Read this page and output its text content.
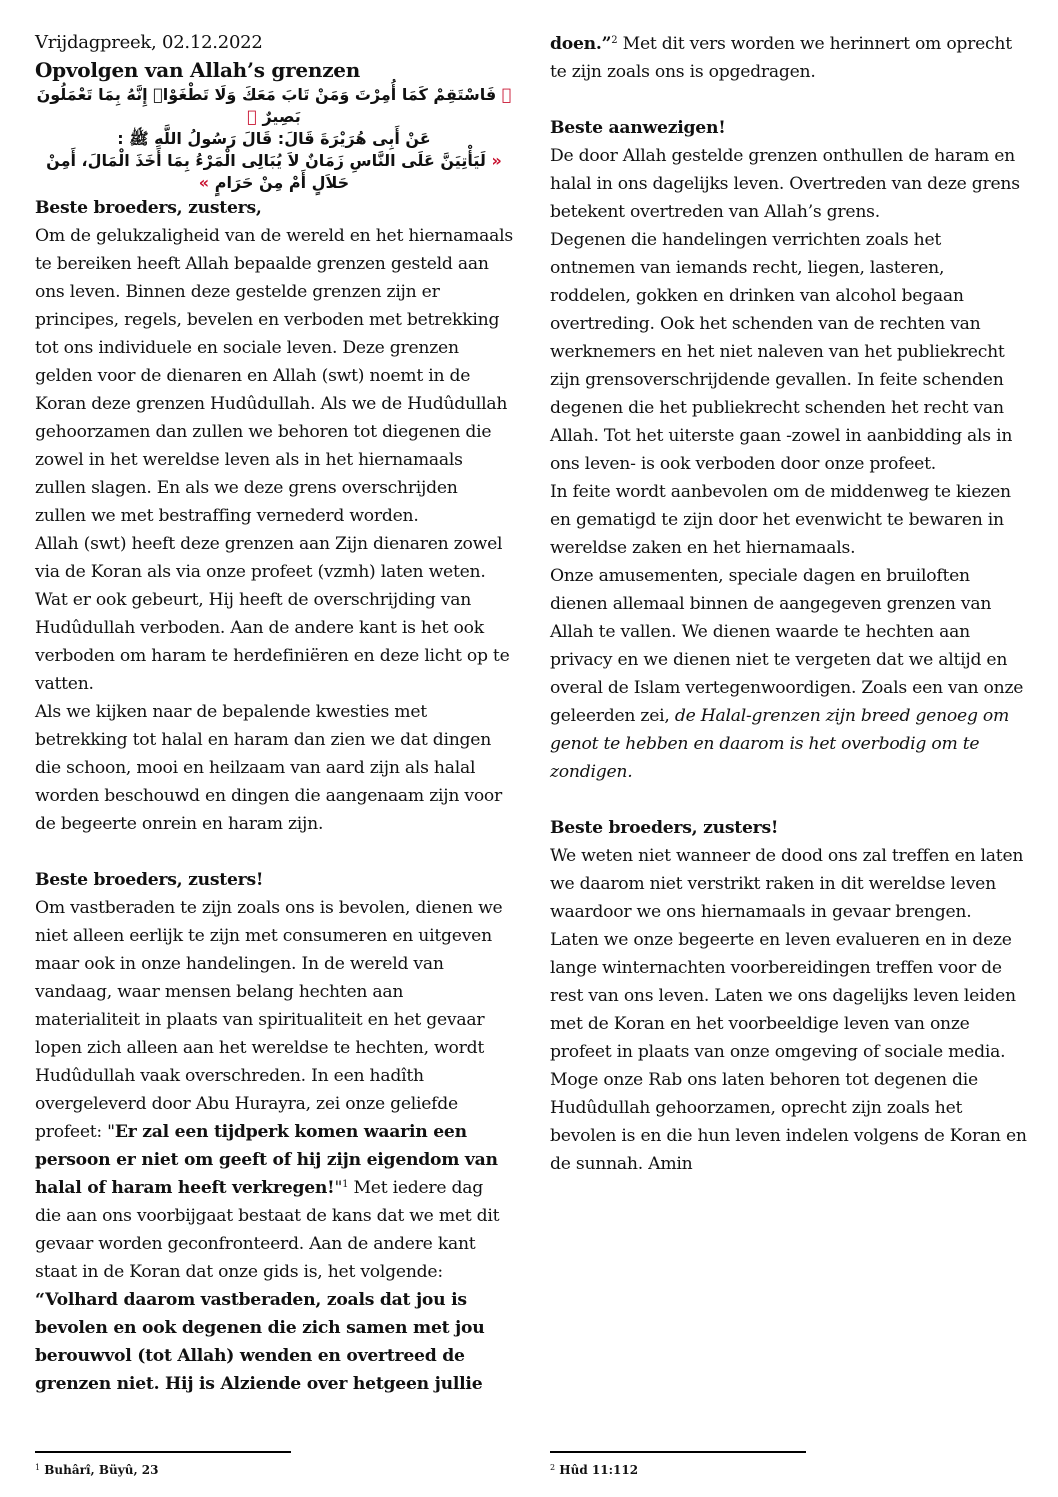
Vrijdagpreek, 02.12.2022
Opvolgen van Allah’s grenzen
﴿ فَاسْتَقِمْ كَمَا أُمِرْتَ وَمَنْ تَابَ مَعَكَ وَلَا تَطْغَوْاۜ إِنَّهُ بِمَا تَعْمَلُونَ بَصِيرٌ ﴾
عَنْ أَبِى هُرَيْرَةَ قَالَ: قَالَ رَسُولُ اللَّهِ ﷺ :
« لَيَأْتِيَنَّ عَلَى النَّاسِ زَمَانٌ لاَ يُبَالِى الْمَرْءُ بِمَا أَخَذَ الْمَالَ، أَمِنْ حَلاَلٍ أَمْ مِنْ حَرَامٍ »
Beste broeders, zusters,

Om de gelukzaligheid van de wereld en het hiernamaals te bereiken heeft Allah bepaalde grenzen gesteld aan ons leven. Binnen deze gestelde grenzen zijn er principes, regels, bevelen en verboden met betrekking tot ons individuele en sociale leven. Deze grenzen gelden voor de dienaren en Allah (swt) noemt in de Koran deze grenzen Hudûdullah. Als we de Hudûdullah gehoorzamen dan zullen we behoren tot diegenen die zowel in het wereldse leven als in het hiernamaals zullen slagen. En als we deze grens overschrijden zullen we met bestraffing vernederd worden.

Allah (swt) heeft deze grenzen aan Zijn dienaren zowel via de Koran als via onze profeet (vzmh) laten weten. Wat er ook gebeurt, Hij heeft de overschrijding van Hudûdullah verboden. Aan de andere kant is het ook verboden om haram te herdefiniëren en deze licht op te vatten.

Als we kijken naar de bepalende kwesties met betrekking tot halal en haram dan zien we dat dingen die schoon, mooi en heilzaam van aard zijn als halal worden beschouwd en dingen die aangenaam zijn voor de begeerte onrein en haram zijn.

Beste broeders, zusters!

Om vastberaden te zijn zoals ons is bevolen, dienen we niet alleen eerlijk te zijn met consumeren en uitgeven maar ook in onze handelingen. In de wereld van vandaag, waar mensen belang hechten aan materialiteit in plaats van spiritualiteit en het gevaar lopen zich alleen aan het wereldse te hechten, wordt Hudûdullah vaak overschreden. In een hadîth overgeleverd door Abu Hurayra, zei onze geliefde profeet: "Er zal een tijdperk komen waarin een persoon er niet om geeft of hij zijn eigendom van halal of haram heeft verkregen!"$^1$ Met iedere dag die aan ons voorbijgaat bestaat de kans dat we met dit gevaar worden geconfronteerd. Aan de andere kant staat in de Koran dat onze gids is, het volgende:

“Volhard daarom vastberaden, zoals dat jou is bevolen en ook degenen die zich samen met jou berouwvol (tot Allah) wenden en overtreed de grenzen niet. Hij is Alziende over hetgeen jullie

doen.”$^2$ Met dit vers worden we herinnert om oprecht te zijn zoals ons is opgedragen.

Beste aanwezigen!

De door Allah gestelde grenzen onthullen de haram en halal in ons dagelijks leven. Overtreden van deze grens betekent overtreden van Allah’s grens.

Degenen die handelingen verrichten zoals het ontnemen van iemands recht, liegen, lasteren, roddelen, gokken en drinken van alcohol begaan overtreding. Ook het schenden van de rechten van werknemers en het niet naleven van het publiekrecht zijn grensoverschrijdende gevallen. In feite schenden degenen die het publiekrecht schenden het recht van Allah. Tot het uiterste gaan -zowel in aanbidding als in ons leven- is ook verboden door onze profeet.

In feite wordt aanbevolen om de middenweg te kiezen en gematigd te zijn door het evenwicht te bewaren in wereldse zaken en het hiernamaals.

Onze amusementen, speciale dagen en bruiloften dienen allemaal binnen de aangegeven grenzen van Allah te vallen. We dienen waarde te hechten aan privacy en we dienen niet te vergeten dat we altijd en overal de Islam vertegenwoordigen. Zoals een van onze geleerden zei, de Halal-grenzen zijn breed genoeg om genot te hebben en daarom is het overbodig om te zondigen.

Beste broeders, zusters!

We weten niet wanneer de dood ons zal treffen en laten we daarom niet verstrikt raken in dit wereldse leven waardoor we ons hiernamaals in gevaar brengen.

Laten we onze begeerte en leven evalueren en in deze lange winternachten voorbereidingen treffen voor de rest van ons leven. Laten we ons dagelijks leven leiden met de Koran en het voorbeeldige leven van onze profeet in plaats van onze omgeving of sociale media. Moge onze Rab ons laten behoren tot degenen die Hudûdullah gehoorzamen, oprecht zijn zoals het bevolen is en die hun leven indelen volgens de Koran en de sunnah. Amin

$^1$ Buhârî, Büyû, 23	$^2$ Hûd 11:112
